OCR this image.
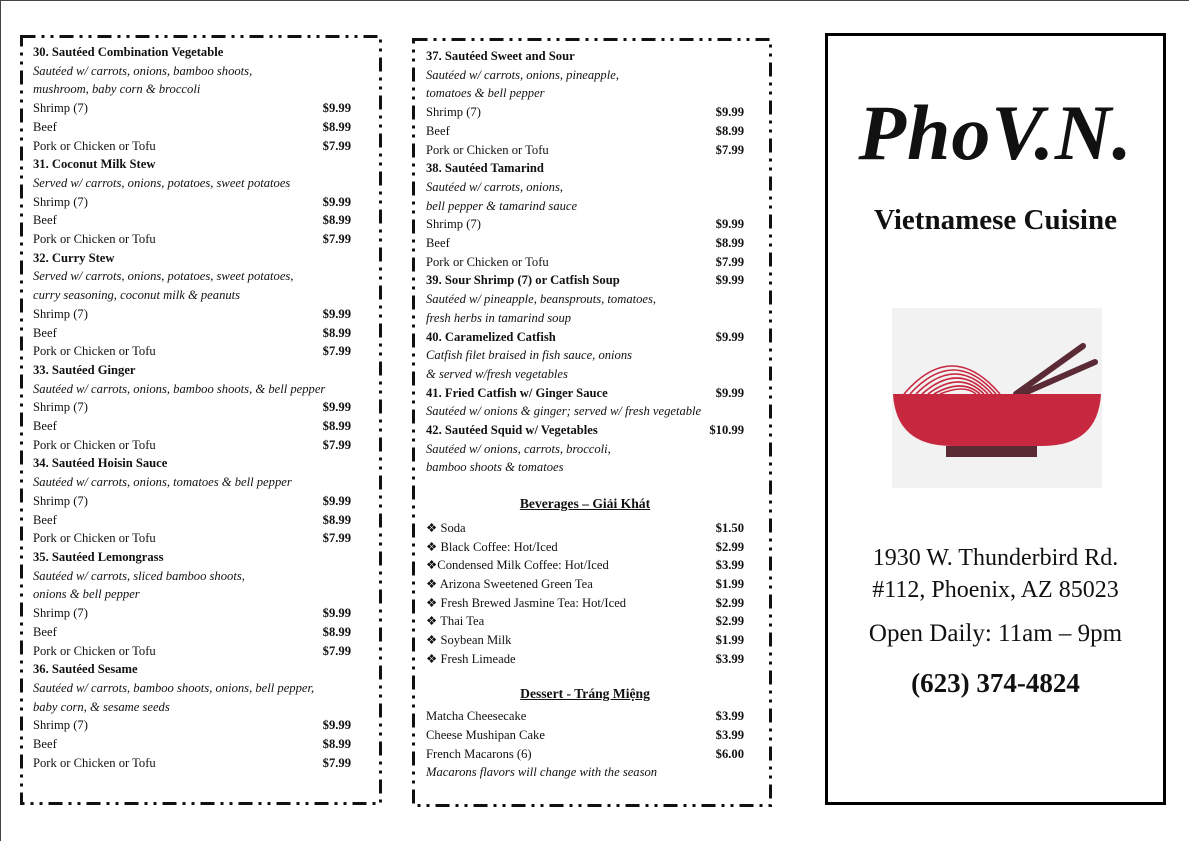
30. Sautéed Combination Vegetable
Sautéed w/ carrots, onions, bamboo shoots,
mushroom, baby corn & broccoli
Shrimp (7)	$9.99
Beef	$8.99
Pork or Chicken or Tofu	$7.99
31. Coconut Milk Stew
Served w/ carrots, onions, potatoes, sweet potatoes
Shrimp (7)	$9.99
Beef	$8.99
Pork or Chicken or Tofu	$7.99
32. Curry Stew
Served w/ carrots, onions, potatoes, sweet potatoes,
curry seasoning, coconut milk & peanuts
Shrimp (7)	$9.99
Beef	$8.99
Pork or Chicken or Tofu	$7.99
33. Sautéed Ginger
Sautéed w/ carrots, onions, bamboo shoots, & bell pepper
Shrimp (7)	$9.99
Beef	$8.99
Pork or Chicken or Tofu	$7.99
34. Sautéed Hoisin Sauce
Sautéed w/ carrots, onions, tomatoes & bell pepper
Shrimp (7)	$9.99
Beef	$8.99
Pork or Chicken or Tofu	$7.99
35. Sautéed Lemongrass
Sautéed w/ carrots, sliced bamboo shoots,
onions & bell pepper
Shrimp (7)	$9.99
Beef	$8.99
Pork or Chicken or Tofu	$7.99
36. Sautéed Sesame
Sautéed w/ carrots, bamboo shoots, onions, bell pepper,
baby corn, & sesame seeds
Shrimp (7)	$9.99
Beef	$8.99
Pork or Chicken or Tofu	$7.99
37. Sautéed Sweet and Sour
Sautéed w/ carrots, onions, pineapple,
tomatoes & bell pepper
Shrimp (7)	$9.99
Beef	$8.99
Pork or Chicken or Tofu	$7.99
38. Sautéed Tamarind
Sautéed w/ carrots, onions,
bell pepper & tamarind sauce
Shrimp (7)	$9.99
Beef	$8.99
Pork or Chicken or Tofu	$7.99
39. Sour Shrimp (7) or Catfish Soup	$9.99
Sautéed w/ pineapple, beansprouts, tomatoes,
fresh herbs in tamarind soup
40. Caramelized Catfish	$9.99
Catfish filet braised in fish sauce, onions
& served w/fresh vegetables
41. Fried Catfish w/ Ginger Sauce	$9.99
Sautéed w/ onions & ginger; served w/ fresh vegetable
42. Sautéed Squid w/ Vegetables	$10.99
Sautéed w/ onions, carrots, broccoli,
bamboo shoots & tomatoes
Beverages – Giải Khát
❖ Soda	$1.50
❖ Black Coffee: Hot/Iced	$2.99
❖Condensed Milk Coffee: Hot/Iced	$3.99
❖ Arizona Sweetened Green Tea	$1.99
❖ Fresh Brewed Jasmine Tea: Hot/Iced	$2.99
❖ Thai Tea	$2.99
❖ Soybean Milk	$1.99
❖ Fresh Limeade	$3.99
Dessert - Tráng Miệng
Matcha Cheesecake	$3.99
Cheese Mushipan Cake	$3.99
French Macarons (6)	$6.00
Macarons flavors will change with the season
PhoV.N.
Vietnamese Cuisine
1930 W. Thunderbird Rd.
#112, Phoenix, AZ 85023
Open Daily: 11am – 9pm
(623) 374-4824
